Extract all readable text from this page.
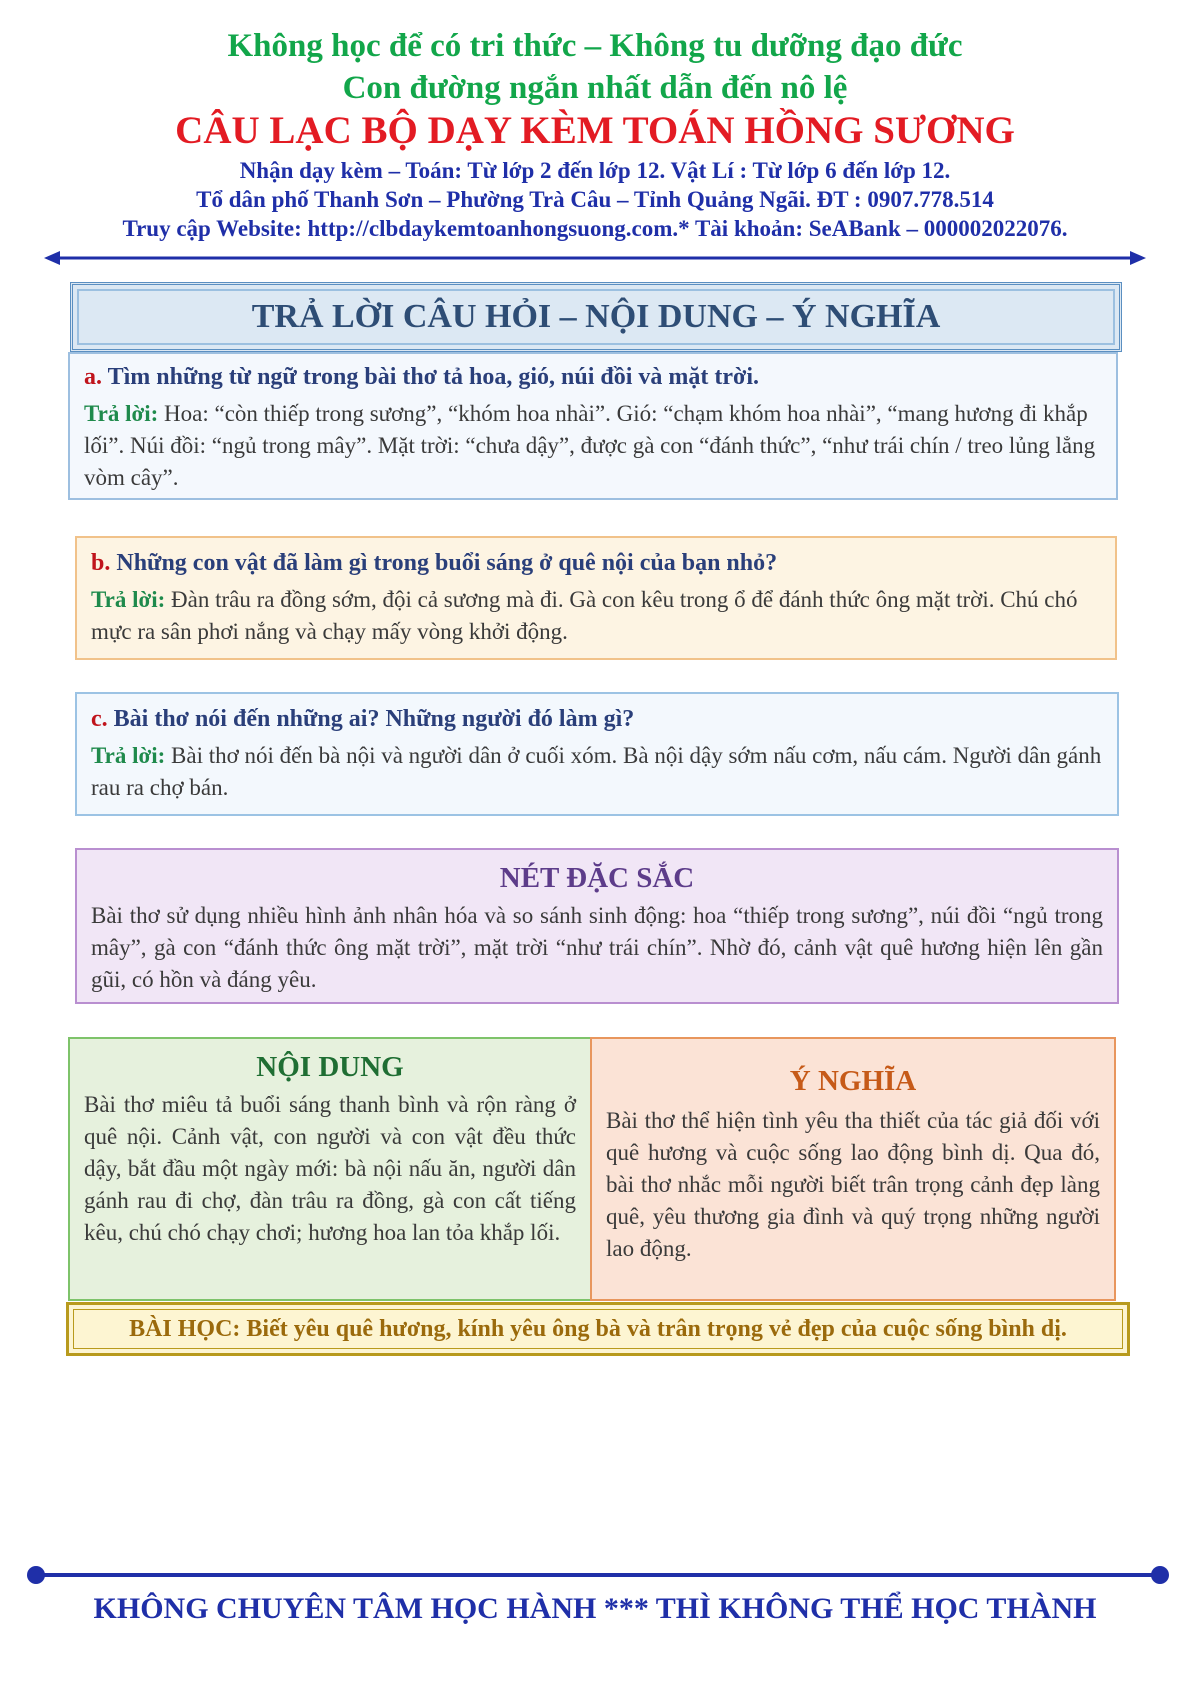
Không học để có tri thức – Không tu dưỡng đạo đức
Con đường ngắn nhất dẫn đến nô lệ
CÂU LẠC BỘ DẠY KÈM TOÁN HỒNG SƯƠNG
Nhận dạy kèm – Toán: Từ lớp 2 đến lớp 12. Vật Lí : Từ lớp 6 đến lớp 12.
Tổ dân phố Thanh Sơn – Phường Trà Câu – Tỉnh Quảng Ngãi. ĐT : 0907.778.514
Truy cập Website: http://clbdaykemtoanhongsuong.com.* Tài khoản: SeABank – 000002022076.
TRẢ LỜI CÂU HỎI – NỘI DUNG – Ý NGHĨA

a. Tìm những từ ngữ trong bài thơ tả hoa, gió, núi đồi và mặt trời.

Trả lời: Hoa: “còn thiếp trong sương”, “khóm hoa nhài”. Gió: “chạm khóm hoa nhài”, “mang hương đi khắp lối”. Núi đồi: “ngủ trong mây”. Mặt trời: “chưa dậy”, được gà con “đánh thức”, “như trái chín / treo lủng lẳng vòm cây”.

b. Những con vật đã làm gì trong buổi sáng ở quê nội của bạn nhỏ?

Trả lời: Đàn trâu ra đồng sớm, đội cả sương mà đi. Gà con kêu trong ổ để đánh thức ông mặt trời. Chú chó mực ra sân phơi nắng và chạy mấy vòng khởi động.

c. Bài thơ nói đến những ai? Những người đó làm gì?

Trả lời: Bài thơ nói đến bà nội và người dân ở cuối xóm. Bà nội dậy sớm nấu cơm, nấu cám. Người dân gánh rau ra chợ bán.

NÉT ĐẶC SẮC

Bài thơ sử dụng nhiều hình ảnh nhân hóa và so sánh sinh động: hoa “thiếp trong sương”, núi đồi “ngủ trong mây”, gà con “đánh thức ông mặt trời”, mặt trời “như trái chín”. Nhờ đó, cảnh vật quê hương hiện lên gần gũi, có hồn và đáng yêu.

NỘI DUNG

Bài thơ miêu tả buổi sáng thanh bình và rộn ràng ở quê nội. Cảnh vật, con người và con vật đều thức dậy, bắt đầu một ngày mới: bà nội nấu ăn, người dân gánh rau đi chợ, đàn trâu ra đồng, gà con cất tiếng kêu, chú chó chạy chơi; hương hoa lan tỏa khắp lối.

Ý NGHĨA

Bài thơ thể hiện tình yêu tha thiết của tác giả đối với quê hương và cuộc sống lao động bình dị. Qua đó, bài thơ nhắc mỗi người biết trân trọng cảnh đẹp làng quê, yêu thương gia đình và quý trọng những người lao động.

BÀI HỌC: Biết yêu quê hương, kính yêu ông bà và trân trọng vẻ đẹp của cuộc sống bình dị.
KHÔNG CHUYÊN TÂM HỌC HÀNH *** THÌ KHÔNG THỂ HỌC THÀNH
